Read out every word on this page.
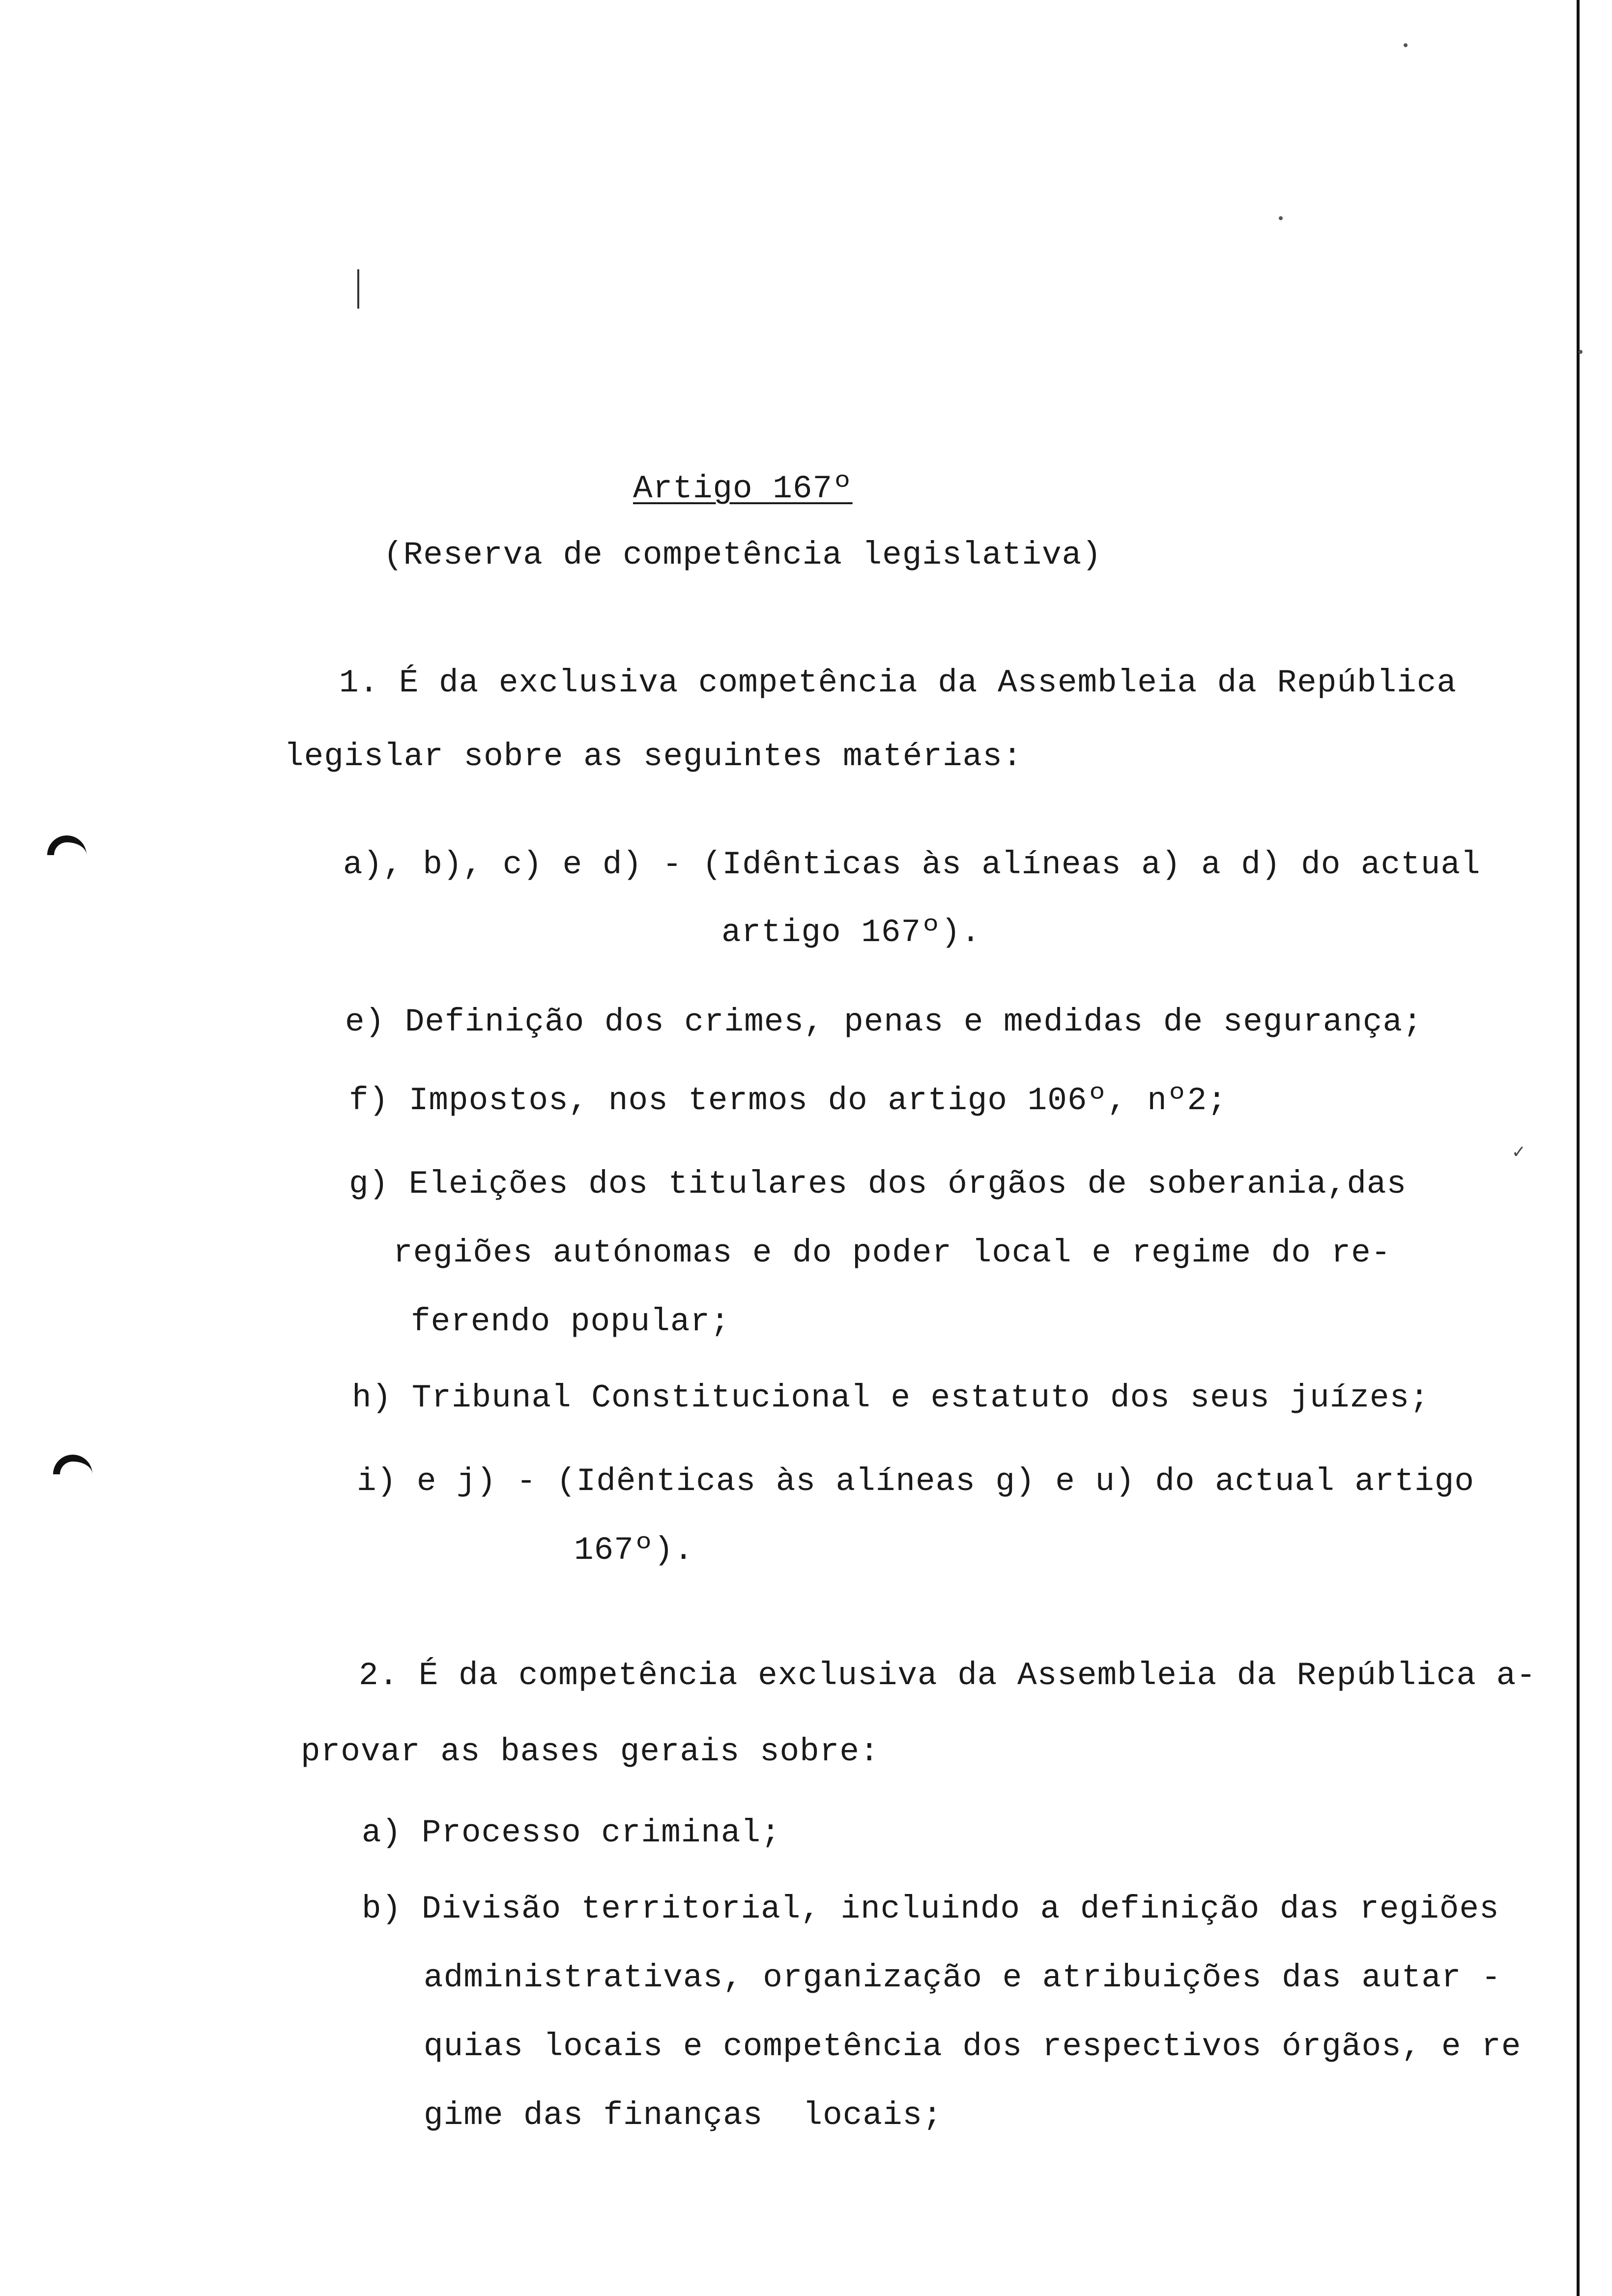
✓
Artigo 167º
(Reserva de competência legislativa)
1. É da exclusiva competência da Assembleia da República
legislar sobre as seguintes matérias:
a), b), c) e d) - (Idênticas às alíneas a) a d) do actual
artigo 167º).
e) Definição dos crimes, penas e medidas de segurança;
f) Impostos, nos termos do artigo 106º, nº2;
g) Eleições dos titulares dos órgãos de soberania,das
regiões autónomas e do poder local e regime do re-
ferendo popular;
h) Tribunal Constitucional e estatuto dos seus juízes;
i) e j) - (Idênticas às alíneas g) e u) do actual artigo
167º).
2. É da competência exclusiva da Assembleia da República a-
provar as bases gerais sobre:
a) Processo criminal;
b) Divisão territorial, incluindo a definição das regiões
administrativas, organização e atribuições das autar -
quias locais e competência dos respectivos órgãos, e re
gime das finanças  locais;
